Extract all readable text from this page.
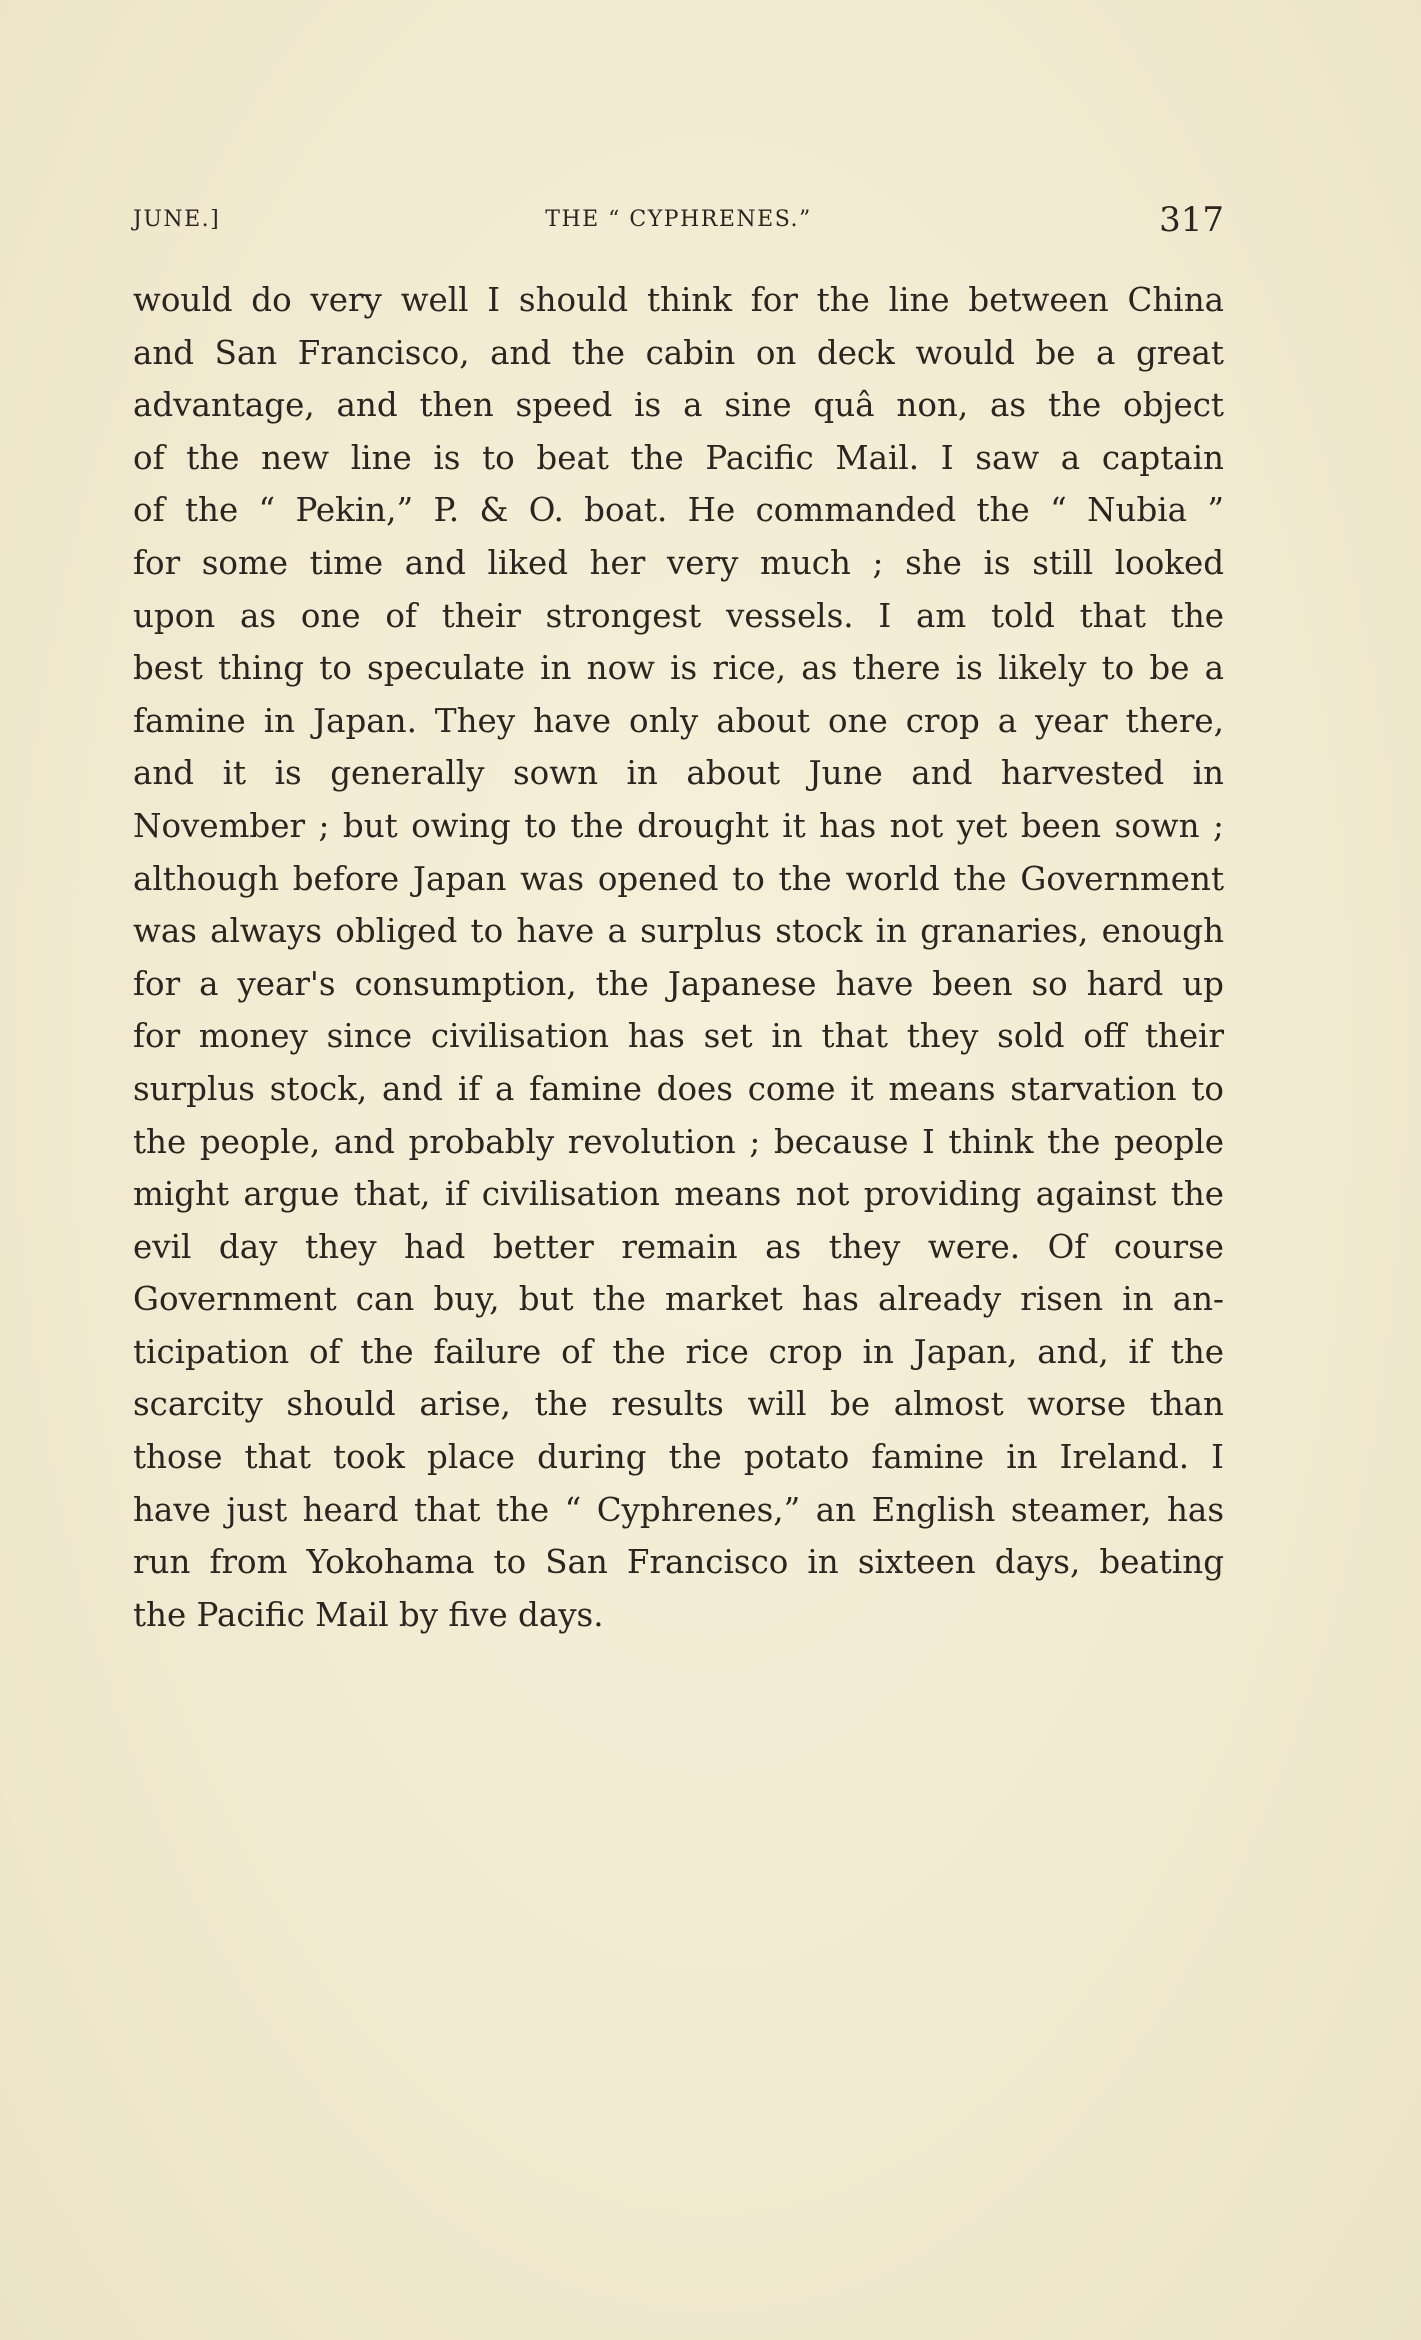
JUNE.]	THE “ CYPHRENES.”	317
would do very well I should think for the line between China
and San Francisco, and the cabin on deck would be a great
advantage, and then speed is a sine quâ non, as the object
of the new line is to beat the Pacific Mail. I saw a captain
of the “ Pekin,” P. & O. boat. He commanded the “ Nubia ”
for some time and liked her very much ; she is still looked
upon as one of their strongest vessels. I am told that the
best thing to speculate in now is rice, as there is likely to be a
famine in Japan. They have only about one crop a year there,
and it is generally sown in about June and harvested in
November ; but owing to the drought it has not yet been sown ;
although before Japan was opened to the world the Government
was always obliged to have a surplus stock in granaries, enough
for a year's consumption, the Japanese have been so hard up
for money since civilisation has set in that they sold off their
surplus stock, and if a famine does come it means starvation to
the people, and probably revolution ; because I think the people
might argue that, if civilisation means not providing against the
evil day they had better remain as they were. Of course
Government can buy, but the market has already risen in an-
ticipation of the failure of the rice crop in Japan, and, if the
scarcity should arise, the results will be almost worse than
those that took place during the potato famine in Ireland. I
have just heard that the “ Cyphrenes,” an English steamer, has
run from Yokohama to San Francisco in sixteen days, beating
the Pacific Mail by five days.
